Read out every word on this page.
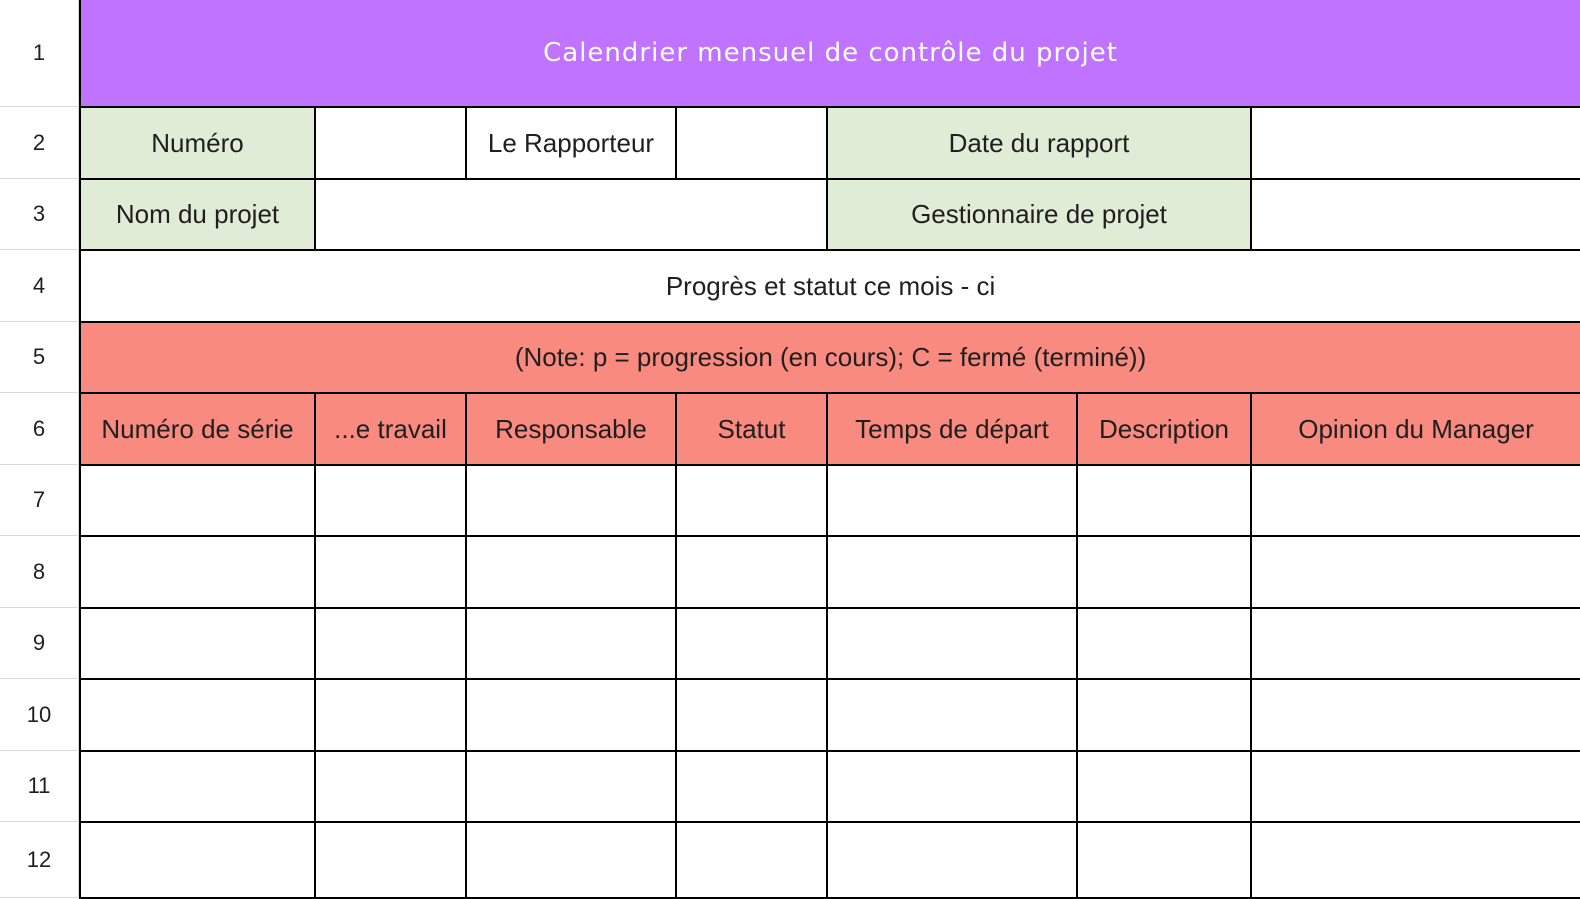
1
2
3
4
5
6
7
8
9
10
11
12
Calendrier mensuel de contrôle du projet						
Numéro		Le Rapporteur		Date du rapport		
Nom du projet				Gestionnaire de projet		
Progrès et statut ce mois - ci						
(Note: p = progression (en cours); C = fermé (terminé))						
Numéro de série	...e travail	Responsable	Statut	Temps de départ	Description	Opinion du Manager
